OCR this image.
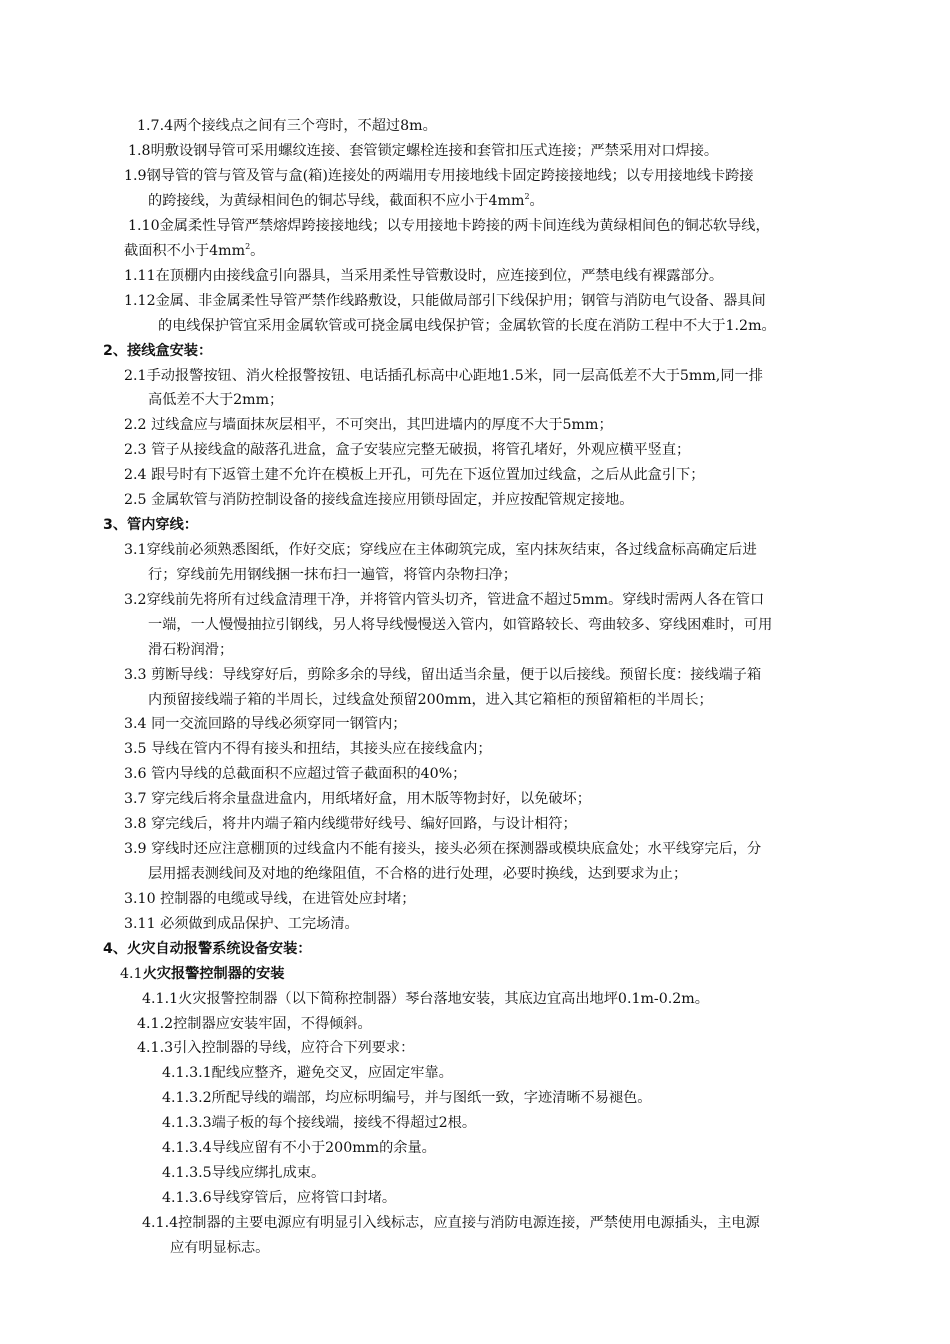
1.7.4两个接线点之间有三个弯时，不超过8m。
1.8明敷设钢导管可采用螺纹连接、套管锁定螺栓连接和套管扣压式连接；严禁采用对口焊接。
1.9钢导管的管与管及管与盒(箱)连接处的两端用专用接地线卡固定跨接接地线；以专用接地线卡跨接
的跨接线，为黄绿相间色的铜芯导线，截面积不应小于$4mm^2$。
1.10金属柔性导管严禁熔焊跨接接地线；以专用接地卡跨接的两卡间连线为黄绿相间色的铜芯软导线，
截面积不小于$4mm^2$。
1.11在顶棚内由接线盒引向器具，当采用柔性导管敷设时，应连接到位，严禁电线有裸露部分。
1.12金属、非金属柔性导管严禁作线路敷设，只能做局部引下线保护用；钢管与消防电气设备、器具间
的电线保护管宜采用金属软管或可挠金属电线保护管；金属软管的长度在消防工程中不大于1.2m。
2、接线盒安装：
2.1手动报警按钮、消火栓报警按钮、电话插孔标高中心距地1.5米，同一层高低差不大于5mm,同一排
高低差不大于2mm；
2.2 过线盒应与墙面抹灰层相平，不可突出，其凹进墙内的厚度不大于5mm；
2.3 管子从接线盒的敲落孔进盒，盒子安装应完整无破损，将管孔堵好，外观应横平竖直；
2.4 跟号时有下返管土建不允许在模板上开孔，可先在下返位置加过线盒，之后从此盒引下；
2.5 金属软管与消防控制设备的接线盒连接应用锁母固定，并应按配管规定接地。
3、管内穿线：
3.1穿线前必须熟悉图纸，作好交底；穿线应在主体砌筑完成，室内抹灰结束，各过线盒标高确定后进
行；穿线前先用钢线捆一抹布扫一遍管，将管内杂物扫净；
3.2穿线前先将所有过线盒清理干净，并将管内管头切齐，管进盒不超过5mm。穿线时需两人各在管口
一端，一人慢慢抽拉引钢线，另人将导线慢慢送入管内，如管路较长、弯曲较多、穿线困难时，可用
滑石粉润滑；
3.3 剪断导线：导线穿好后，剪除多余的导线，留出适当余量，便于以后接线。预留长度：接线端子箱
内预留接线端子箱的半周长，过线盒处预留200mm，进入其它箱柜的预留箱柜的半周长；
3.4 同一交流回路的导线必须穿同一钢管内；
3.5 导线在管内不得有接头和扭结，其接头应在接线盒内；
3.6 管内导线的总截面积不应超过管子截面积的40%；
3.7 穿完线后将余量盘进盒内，用纸堵好盒，用木版等物封好，以免破坏；
3.8 穿完线后，将井内端子箱内线缆带好线号、编好回路，与设计相符；
3.9 穿线时还应注意棚顶的过线盒内不能有接头，接头必须在探测器或模块底盒处；水平线穿完后，分
层用摇表测线间及对地的绝缘阻值，不合格的进行处理，必要时换线，达到要求为止；
3.10 控制器的电缆或导线，在进管处应封堵；
3.11 必须做到成品保护、工完场清。
4、火灾自动报警系统设备安装：
4.1火灾报警控制器的安装
4.1.1火灾报警控制器（以下简称控制器）琴台落地安装，其底边宜高出地坪0.1m-0.2m。
4.1.2控制器应安装牢固，不得倾斜。
4.1.3引入控制器的导线，应符合下列要求：
4.1.3.1配线应整齐，避免交叉，应固定牢靠。
4.1.3.2所配导线的端部，均应标明编号，并与图纸一致，字迹清晰不易褪色。
4.1.3.3端子板的每个接线端，接线不得超过2根。
4.1.3.4导线应留有不小于200mm的余量。
4.1.3.5导线应绑扎成束。
4.1.3.6导线穿管后，应将管口封堵。
4.1.4控制器的主要电源应有明显引入线标志，应直接与消防电源连接，严禁使用电源插头，主电源
应有明显标志。
